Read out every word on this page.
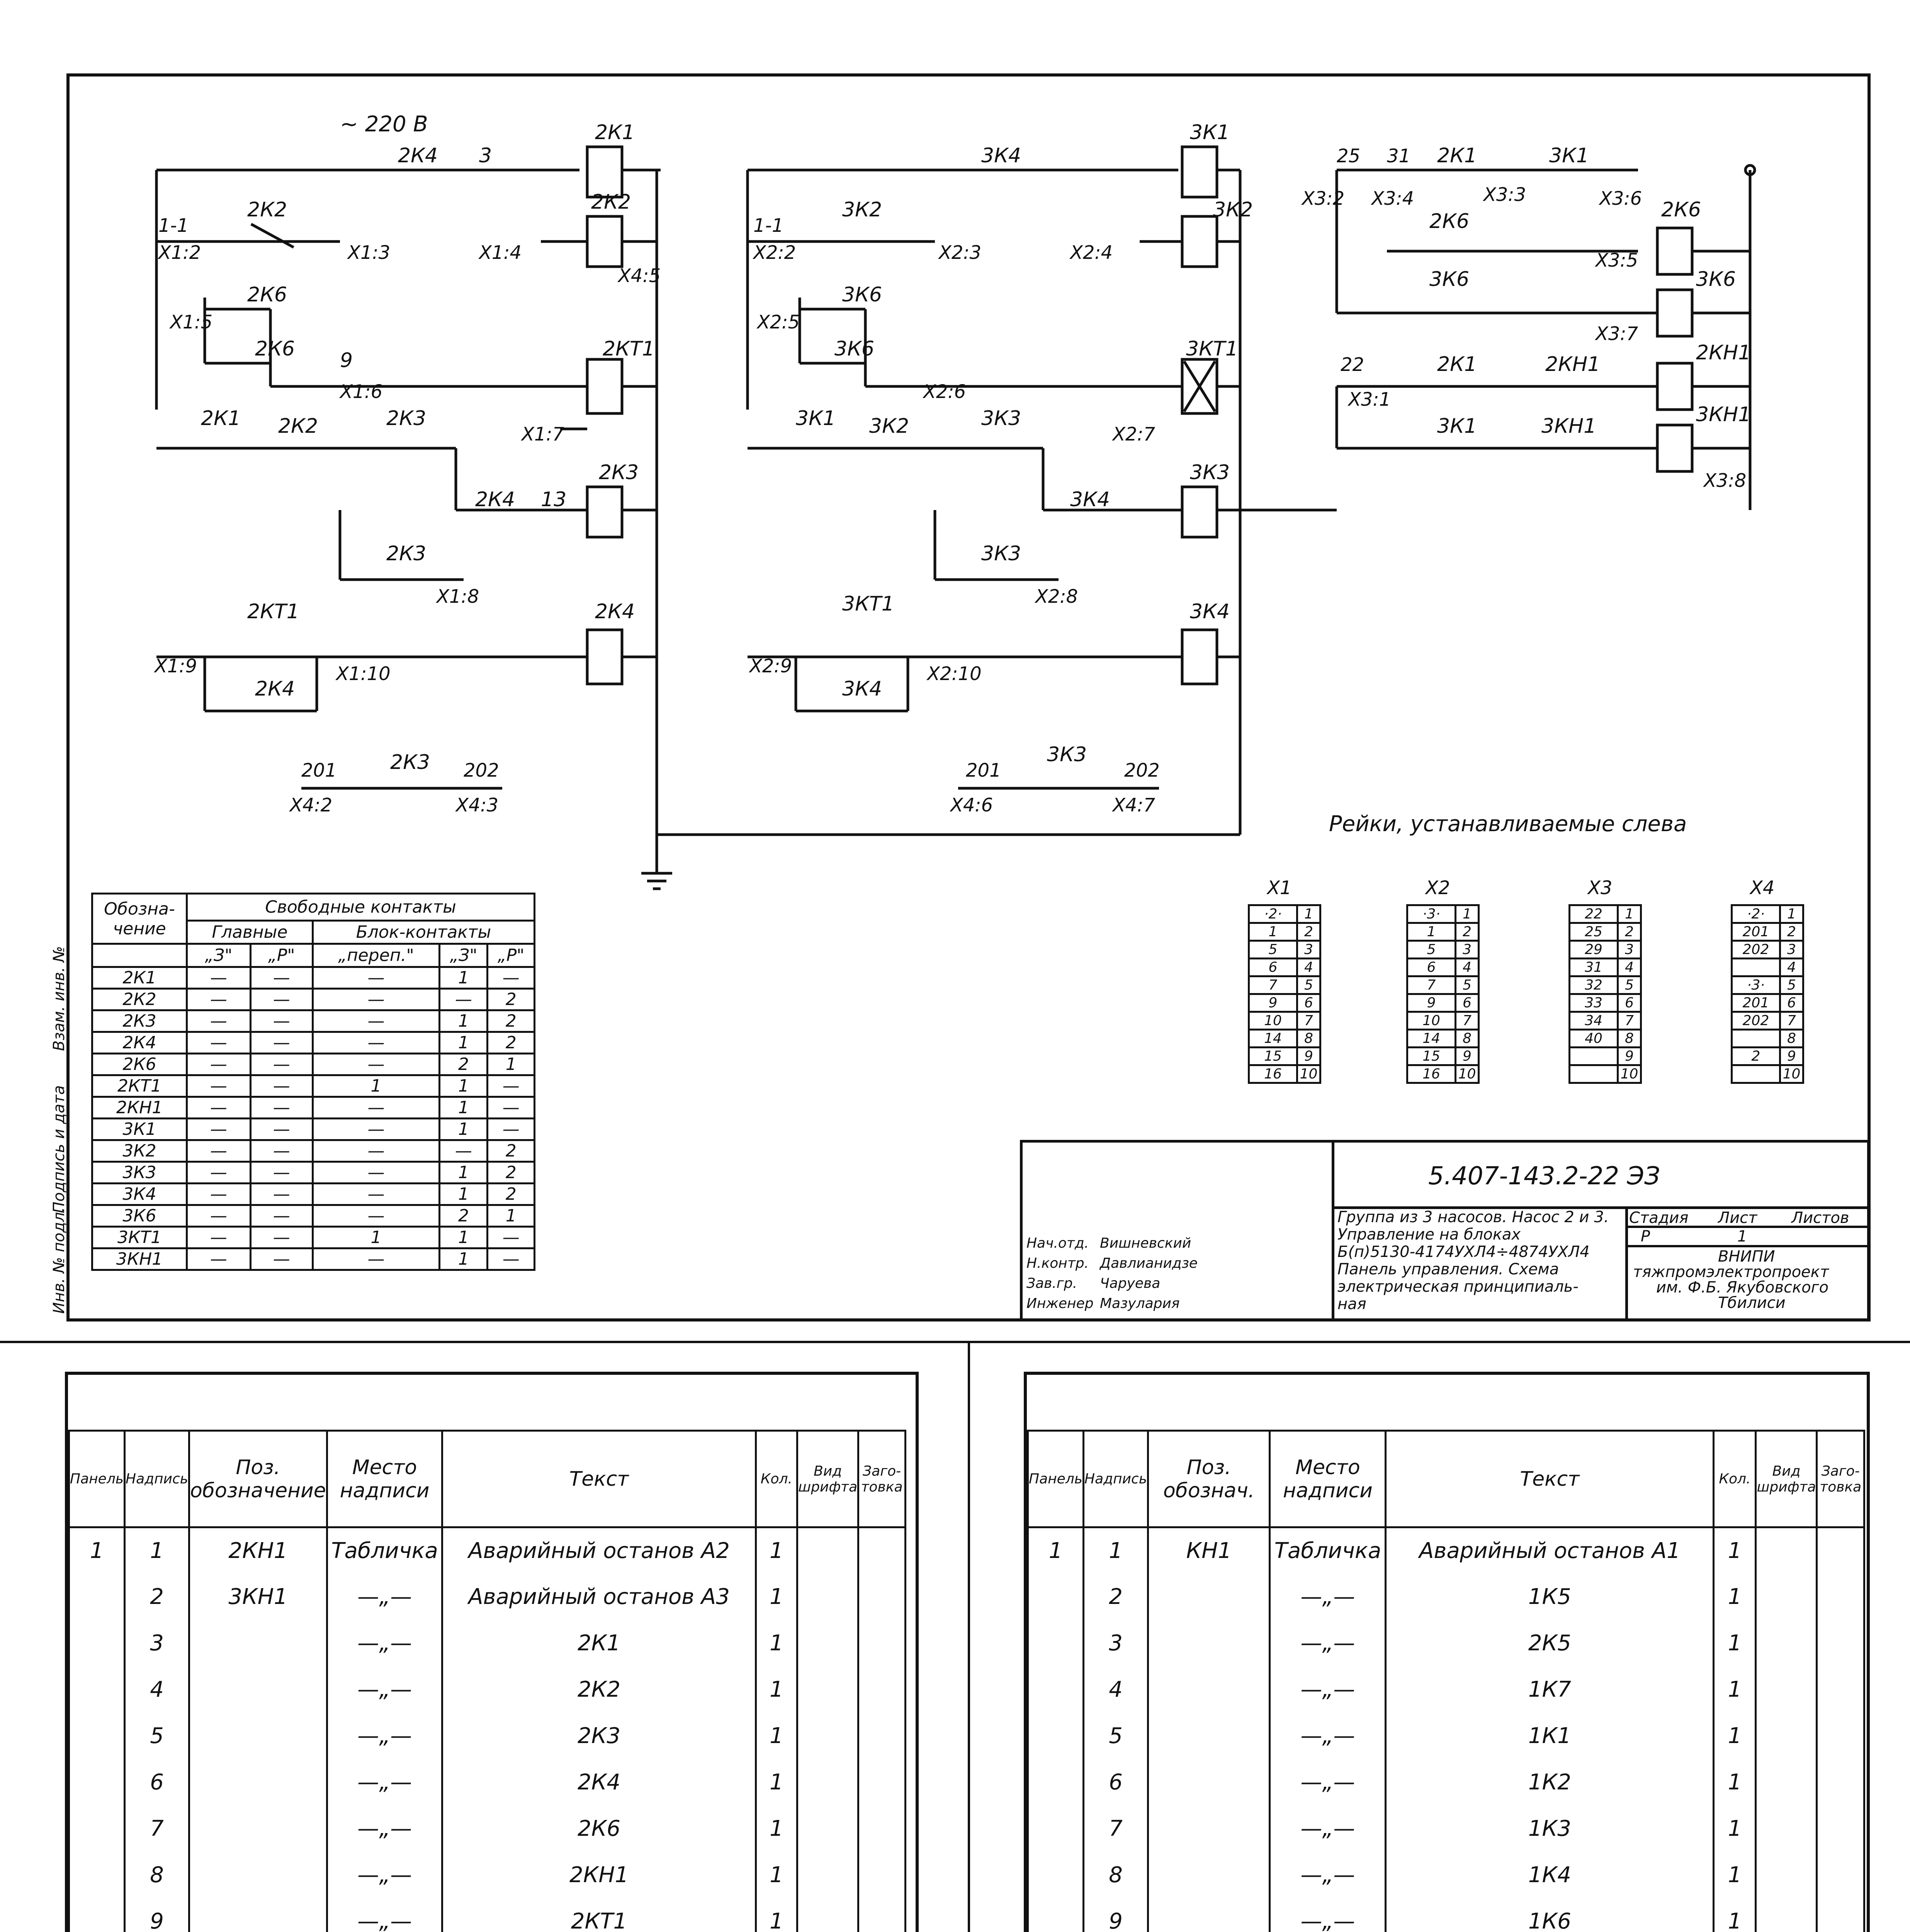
~ 220 В
2К4 3
2К1
2К2
2К2
1-1
Х1:2	Х1:3	Х1:4
Х4:5
2К6
Х1:5
2К6 9
Х1:6
2КТ1
Х1:7
2К1 2К2	2К3
2К3
2К4 13
2К3
Х1:8
2КТ1	2К4
Х1:9	Х1:10
2К4
201	2К3 202
Х4:2	Х4:3
3К4
3К1
3К2
3К2
1-1
Х2:2	Х2:3	Х2:4
3К6
Х2:5
3К6
Х2:6
3КТ1
Х2:7
3К1 3К2	3К3
3К3
3К4
3К3
Х2:8
3КТ1	3К4
Х2:9	Х2:10
3К4
201
3К3
202
Х4:6	Х4:7
25 31 2К1	3К1
Х3:2 Х3:4	Х3:3	Х3:6 2К6
2К6
Х3:5
3К6
3К6
Х3:7
22	2К1	2КН1	2КН1
Х3:1
3К1	3КН1	3КН1
Х3:8
Рейки, устанавливаемые слева
Обозна-
чение	Свободные контакты				
	Главные		Блок-контакты		
	„З"	„Р"	„переп."	„З"	„Р"
2К1	—	—	—	1	—
2К2	—	—	—	—	2
2К3	—	—	—	1	2
2К4	—	—	—	1	2
2К6	—	—	—	2	1
2КТ1	—	—	1	1	—
2КН1	—	—	—	1	—
3К1	—	—	—	1	—
3К2	—	—	—	—	2
3К3	—	—	—	1	2
3К4	—	—	—	1	2
3К6	—	—	—	2	1
3КТ1	—	—	1	1	—
3КН1	—	—	—	1	—
X1
·2·	1
1	2
5	3
6	4
7	5
9	6
10	7
14	8
15	9
16	10
X2
·3·	1
1	2
5	3
6	4
7	5
9	6
10	7
14	8
15	9
16	10
X3
22	1
25	2
29	3
31	4
32	5
33	6
34	7
40	8
	9
	10
X4
·2·	1
201	2
202	3
	4
·3·	5
201	6
202	7
	8
2	9
	10
5.407-143.2-22 ЭЗ
Группа из 3 насосов. Насос 2 и 3.
Управление на блоках
Б(п)5130-4174УХЛ4÷4874УХЛ4
Панель управления. Схема
электрическая принципиаль-
ная
Стадия Лист Листов
Р	1
ВНИПИ
тяжпромэлектропроект
им. Ф.Б. Якубовского
Тбилиси
Нач.отд. Вишневский
Н.контр. Давлианидзе
Зав.гр. Чаруева
Инженер Мазулария
Инв. № подл.
Подпись и дата
Взам. инв. №
Панель	Надпись	Поз. обозначение	Место надписи	Текст	Кол.	Вид шрифта	Заго-товка
1	1	2КН1	Табличка	Аварийный останов А2	1		
	2	3КН1	—„—	Аварийный останов А3	1		
	3		—„—	2К1	1		
	4		—„—	2К2	1		
	5		—„—	2К3	1		
	6		—„—	2К4	1		
	7		—„—	2К6	1		
	8		—„—	2КН1	1		
	9		—„—	2КТ1	1		

Панель	Надпись	Поз. обознач.	Место надписи	Текст	Кол.	Вид шрифта	Заго-товка
1	1	КН1	Табличка	Аварийный останов А1	1		
	2		—„—	1К5	1		
	3		—„—	2К5	1		
	4		—„—	1К7	1		
	5		—„—	1К1	1		
	6		—„—	1К2	1		
	7		—„—	1К3	1		
	8		—„—	1К4	1		
	9		—„—	1К6	1		
